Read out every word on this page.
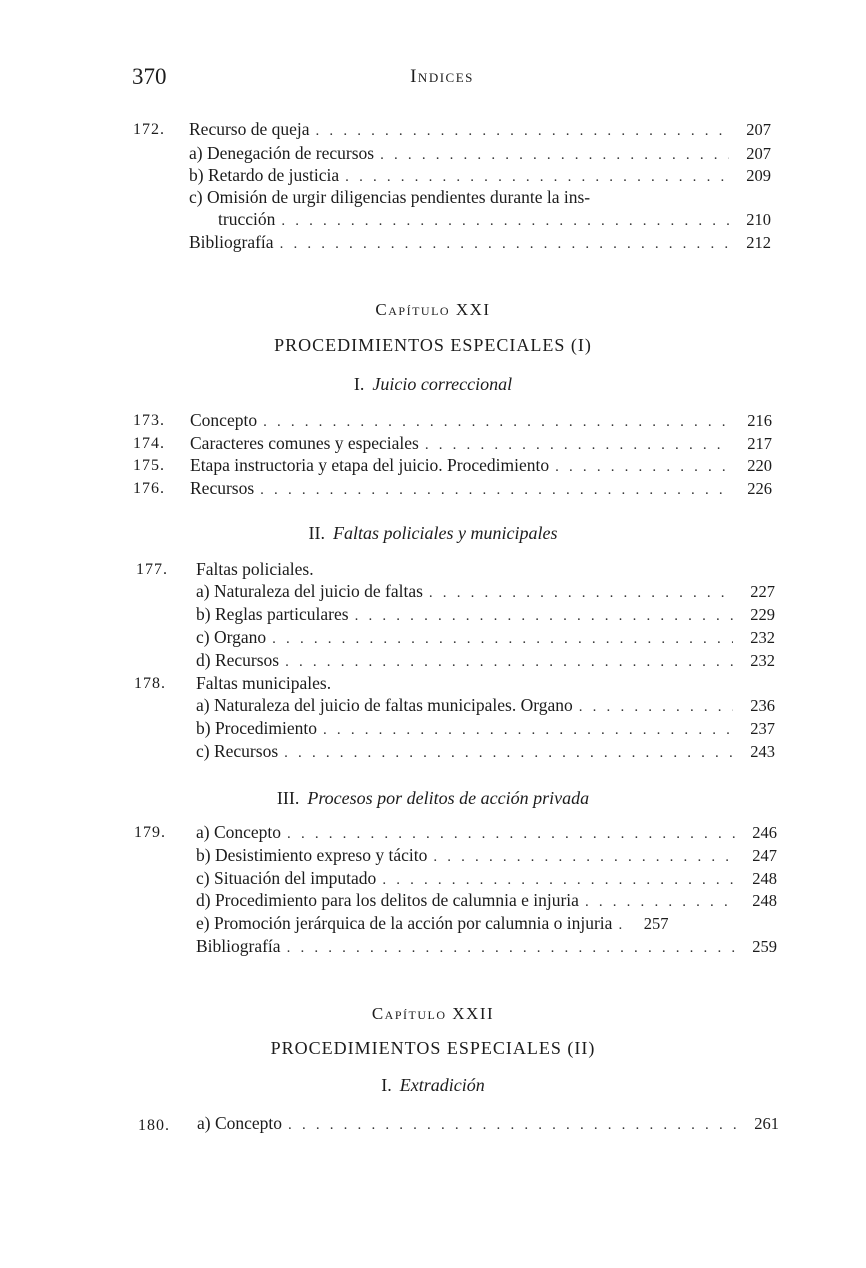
370	Indices
172. Recurso de queja . . .	207
a) Denegación de recursos . . .	207
b) Retardo de justicia . . .	209
c) Omisión de urgir diligencias pendientes durante la ins-
trucción . . .	210
Bibliografía . . .	212
Capítulo XXI
PROCEDIMIENTOS ESPECIALES (I)
I. Juicio correccional
173. Concepto . . .	216
174. Caracteres comunes y especiales . . .	217
175. Etapa instructoria y etapa del juicio. Procedimiento . . .	220
176. Recursos . . .	226
II. Faltas policiales y municipales
177. Faltas policiales.
a) Naturaleza del juicio de faltas . . .	227
b) Reglas particulares . . .	229
c) Organo . . .	232
d) Recursos . . .	232
178. Faltas municipales.
a) Naturaleza del juicio de faltas municipales. Organo . . .	236
b) Procedimiento . . .	237
c) Recursos . . .	243
III. Procesos por delitos de acción privada
179. a) Concepto . . .	246
b) Desistimiento expreso y tácito . . .	247
c) Situación del imputado . . .	248
d) Procedimiento para los delitos de calumnia e injuria . . .	248
e) Promoción jerárquica de la acción por calumnia o injuria . . .	257
Bibliografía . . .	259
Capítulo XXII
PROCEDIMIENTOS ESPECIALES (II)
I. Extradición
180. a) Concepto . . .	261
